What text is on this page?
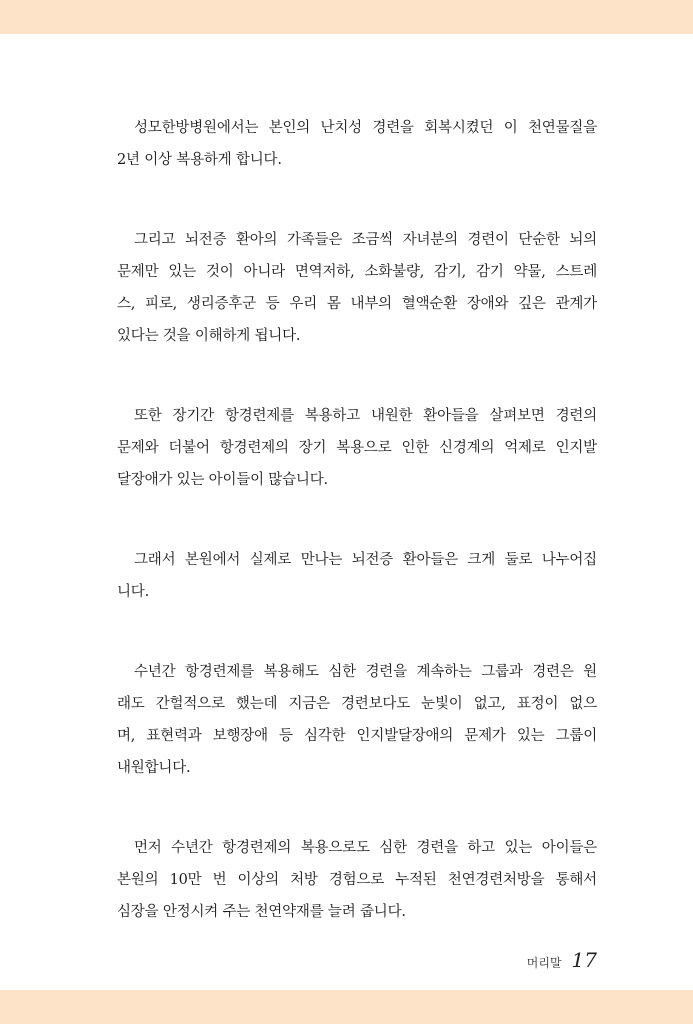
성모한방병원에서는 본인의 난치성 경련을 회복시켰던 이 천연물질을
2년 이상 복용하게 합니다.

그리고 뇌전증 환아의 가족들은 조금씩 자녀분의 경련이 단순한 뇌의
문제만 있는 것이 아니라 면역저하, 소화불량, 감기, 감기 약물, 스트레
스, 피로, 생리증후군 등 우리 몸 내부의 혈액순환 장애와 깊은 관계가
있다는 것을 이해하게 됩니다.

또한 장기간 항경련제를 복용하고 내원한 환아들을 살펴보면 경련의
문제와 더불어 항경련제의 장기 복용으로 인한 신경계의 억제로 인지발
달장애가 있는 아이들이 많습니다.

그래서 본원에서 실제로 만나는 뇌전증 환아들은 크게 둘로 나누어집
니다.

수년간 항경련제를 복용해도 심한 경련을 계속하는 그룹과 경련은 원
래도 간헐적으로 했는데 지금은 경련보다도 눈빛이 없고, 표정이 없으
며, 표현력과 보행장애 등 심각한 인지발달장애의 문제가 있는 그룹이
내원합니다.

먼저 수년간 항경련제의 복용으로도 심한 경련을 하고 있는 아이들은
본원의 10만 번 이상의 처방 경험으로 누적된 천연경련처방을 통해서
심장을 안정시켜 주는 천연약재를 늘려 줍니다.

머리말 17
